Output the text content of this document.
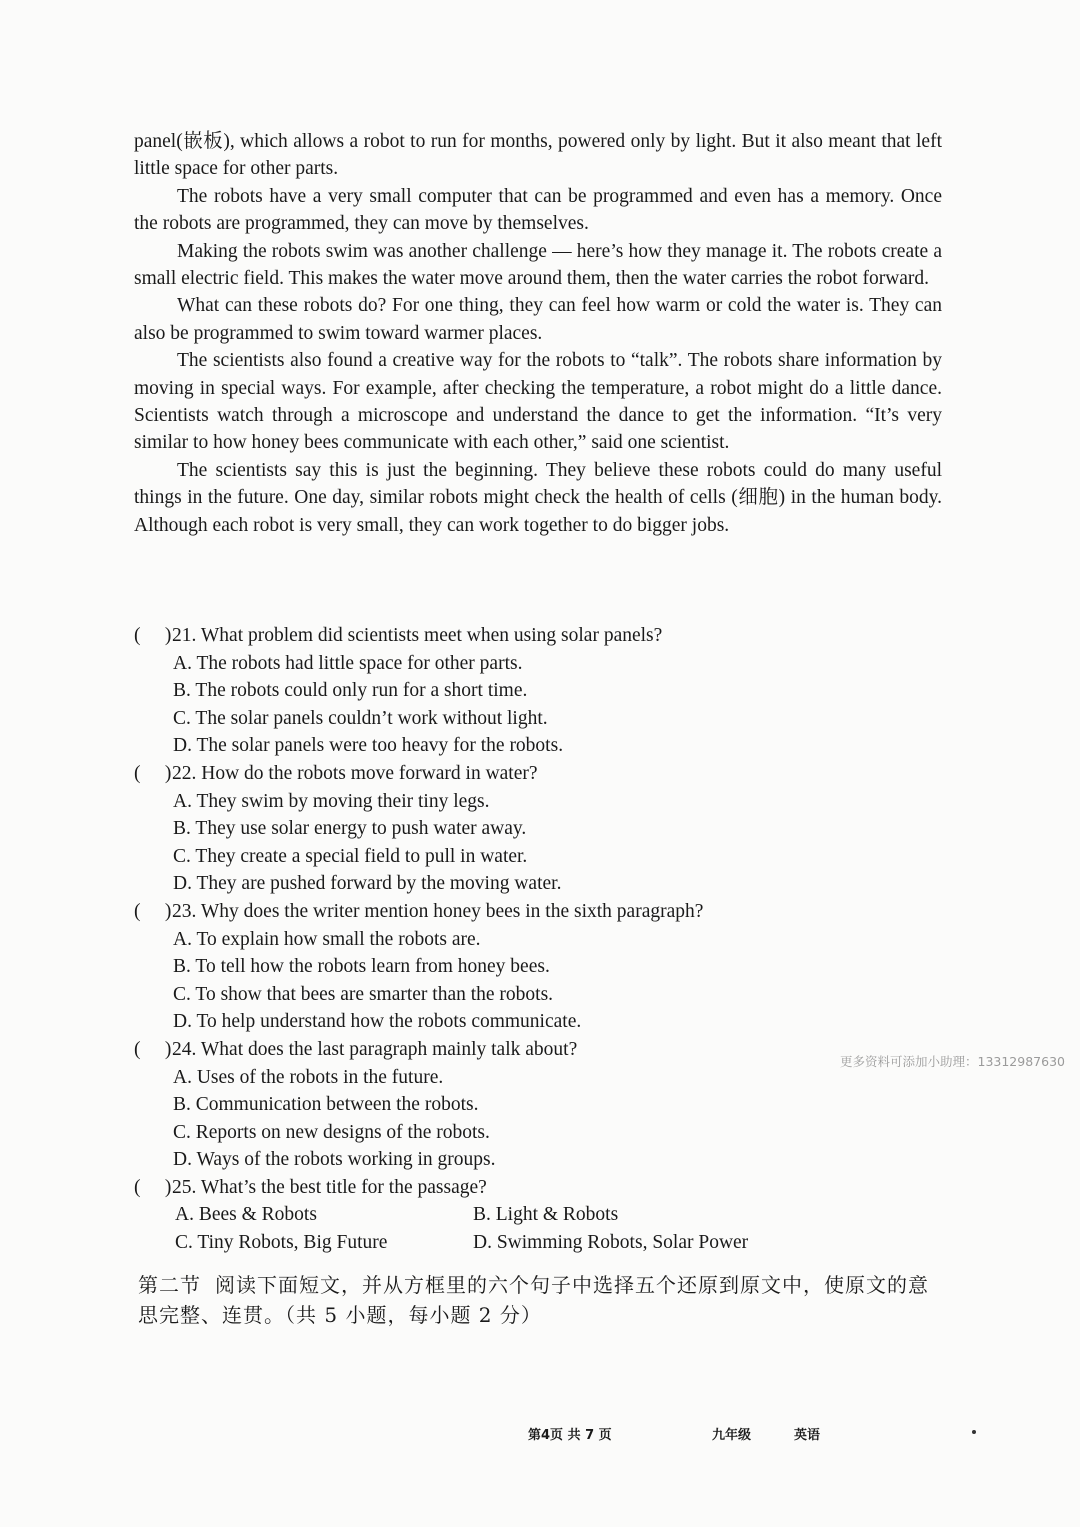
panel(嵌板), which allows a robot to run for months, powered only by light. But it also meant that left little space for other parts.

The robots have a very small computer that can be programmed and even has a memory. Once the robots are programmed, they can move by themselves.

Making the robots swim was another challenge — here’s how they manage it. The robots create a small electric field. This makes the water move around them, then the water carries the robot forward.

What can these robots do? For one thing, they can feel how warm or cold the water is. They can also be programmed to swim toward warmer places.

The scientists also found a creative way for the robots to “talk”. The robots share information by moving in special ways. For example, after checking the temperature, a robot might do a little dance. Scientists watch through a microscope and understand the dance to get the information. “It’s very similar to how honey bees communicate with each other,” said one scientist.

The scientists say this is just the beginning. They believe these robots could do many useful things in the future. One day, similar robots might check the health of cells (细胞) in the human body. Although each robot is very small, they can work together to do bigger jobs.

(     ) 21. What problem did scientists meet when using solar panels?
A. The robots had little space for other parts.
B. The robots could only run for a short time.
C. The solar panels couldn’t work without light.
D. The solar panels were too heavy for the robots.
(     ) 22. How do the robots move forward in water?
A. They swim by moving their tiny legs.
B. They use solar energy to push water away.
C. They create a special field to pull in water.
D. They are pushed forward by the moving water.
(     ) 23. Why does the writer mention honey bees in the sixth paragraph?
A. To explain how small the robots are.
B. To tell how the robots learn from honey bees.
C. To show that bees are smarter than the robots.
D. To help understand how the robots communicate.
(     ) 24. What does the last paragraph mainly talk about?
A. Uses of the robots in the future.
B. Communication between the robots.
C. Reports on new designs of the robots.
D. Ways of the robots working in groups.
(     ) 25. What’s the best title for the passage?
A. Bees & Robots	B. Light & Robots
C. Tiny Robots, Big Future	D. Swimming Robots, Solar Power
第二节 阅读下面短文，并从方框里的六个句子中选择五个还原到原文中，使原文的意思完整、连贯。（共 5 小题，每小题 2 分）
更多资料可添加小助理：13312987630
第4页 共 7 页	九年级	英语
